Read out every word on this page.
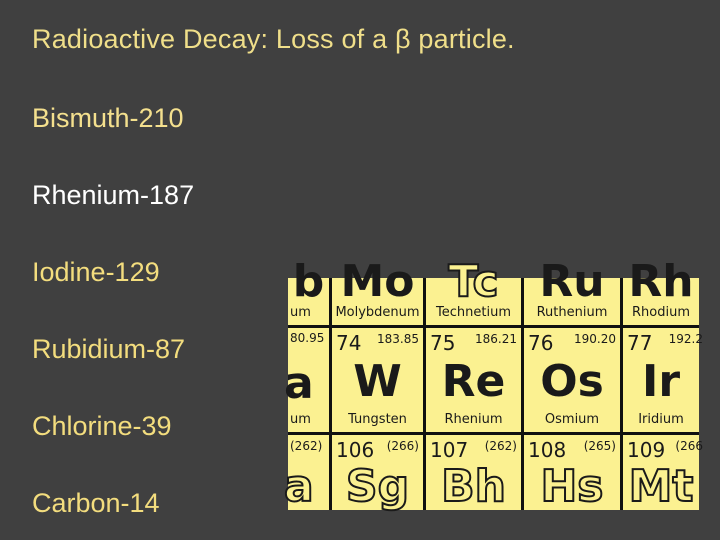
Radioactive Decay: Loss of a β particle.
Bismuth-210
Rhenium-187
Iodine-129
Rubidium-87
Chlorine-39
Carbon-14
b
um
Mo
Molybdenum
Tc
Technetium
Ru
Ruthenium
Rh
Rhodium
80.95
a
um
74 183.85
W
Tungsten
75 186.21
Re
Rhenium
76 190.20
Os
Osmium
77 192.2
Ir
Iridium
(262)
a
106 (266)
Sg
107 (262)
Bh
108 (265)
Hs
109 (266
Mt
